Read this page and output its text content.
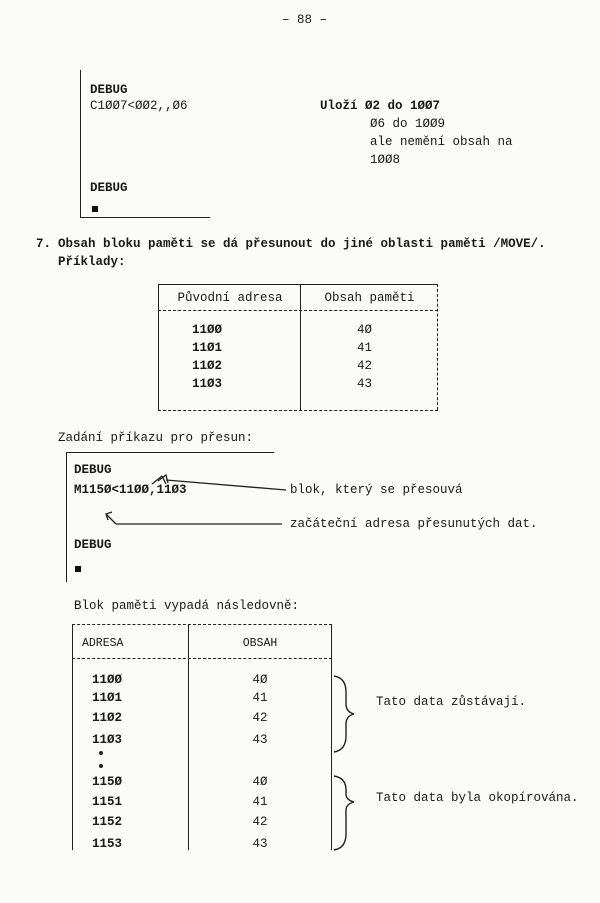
– 88 –
DEBUG
C1ØØ7<ØØ2,,Ø6
DEBUG
Uloží Ø2 do 1ØØ7
Ø6 do 1ØØ9
ale nemění obsah na
1ØØ8
7. Obsah bloku paměti se dá přesunout do jiné oblasti paměti /MOVE/.
Příklady:
Původní adresa	Obsah paměti
11ØØ	4Ø
11Ø1	41
11Ø2	42
11Ø3	43
Zadání příkazu pro přesun:
DEBUG
M115Ø<11ØØ,11Ø3
DEBUG
blok, který se přesouvá
začáteční adresa přesunutých dat.
Blok paměti vypadá následovně:
ADRESA	OBSAH
11ØØ	4Ø
11Ø1	41
11Ø2	42
11Ø3	43
115Ø	4Ø
1151	41
1152	42
1153	43
Tato data zůstávají.
Tato data byla okopírována.
